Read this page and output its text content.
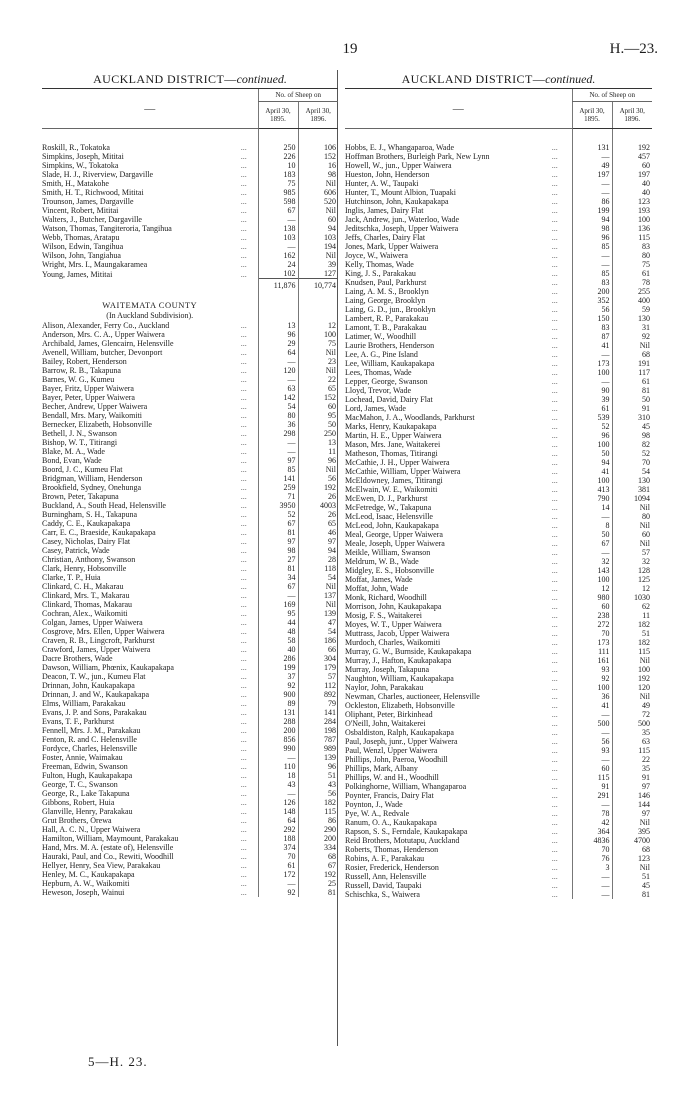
19	H.—23.
AUCKLAND DISTRICT—continued.
—		No. of Sheep on	
		April 30, 1895.	April 30, 1896.

Roskill, R., Tokatoka	...	250	106
Simpkins, Joseph, Mititai	...	226	152
Simpkins, W., Tokatoka	...	10	16
Slade, H. J., Riverview, Dargaville	...	183	98
Smith, H., Matakohe	...	75	Nil
Smith, H. T., Richwood, Mititai	...	985	606
Trounson, James, Dargaville	...	598	520
Vincent, Robert, Mititai	...	67	Nil
Walters, J., Butcher, Dargaville	...	—	60
Watson, Thomas, Tangiteroria, Tangihua	...	138	94
Webb, Thomas, Aratapu	...	103	103
Wilson, Edwin, Tangihua	...	—	194
Wilson, John, Tangiahua	...	162	Nil
Wright, Mrs. I., Maungakaramea	...	24	39
Young, James, Mititai	...	102	127
		11,876	10,774

WAITEMATA COUNTY			
(In Auckland Subdivision).			
Alison, Alexander, Ferry Co., Auckland	...	13	12
Anderson, Mrs. C. A., Upper Waiwera	...	96	100
Archibald, James, Glencairn, Helensville	...	29	75
Avenell, William, butcher, Devonport	...	64	Nil
Bailey, Robert, Henderson	...	—	23
Barrow, R. B., Takapuna	...	120	Nil
Barnes, W. G., Kumeu	...	—	22
Bayer, Fritz, Upper Waiwera	...	63	65
Bayer, Peter, Upper Waiwera	...	142	152
Becher, Andrew, Upper Waiwera	...	54	60
Bendall, Mrs. Mary, Waikomiti	...	80	95
Bernecker, Elizabeth, Hobsonville	...	36	50
Bethell, J. N., Swanson	...	298	250
Bishop, W. T., Titirangi	...	—	13
Blake, M. A., Wade	...	—	11
Bond, Evan, Wade	...	97	96
Boord, J. C., Kumeu Flat	...	85	Nil
Bridgman, William, Henderson	...	141	56
Brookfield, Sydney, Onehunga	...	259	192
Brown, Peter, Takapuna	...	71	26
Buckland, A., South Head, Helensville	...	3950	4003
Burningham, S. H., Takapuna	...	52	26
Caddy, C. E., Kaukapakapa	...	67	65
Carr, E. C., Braeside, Kaukapakapa	...	81	46
Casey, Nicholas, Dairy Flat	...	97	97
Casey, Patrick, Wade	...	98	94
Christian, Anthony, Swanson	...	27	28
Clark, Henry, Hobsonville	...	81	118
Clarke, T. P., Huia	...	34	54
Clinkard, C. H., Makarau	...	67	Nil
Clinkard, Mrs. T., Makarau	...	—	137
Clinkard, Thomas, Makarau	...	169	Nil
Cochran, Alex., Waikomiti	...	95	139
Colgan, James, Upper Waiwera	...	44	47
Cosgrove, Mrs. Ellen, Upper Waiwera	...	48	54
Craven, R. B., Lingcroft, Parkhurst	...	58	186
Crawford, James, Upper Waiwera	...	40	66
Dacre Brothers, Wade	...	286	304
Dawson, William, Phœnix, Kaukapakapa	...	199	179
Deacon, T. W., jun., Kumeu Flat	...	37	57
Drinnan, John, Kaukapakapa	...	92	112
Drinnan, J. and W., Kaukapakapa	...	900	892
Elms, William, Parakakau	...	89	79
Evans, J. P. and Sons, Parakakau	...	131	141
Evans, T. F., Parkhurst	...	288	284
Fennell, Mrs. J. M., Parakakau	...	200	198
Fenton, R. and C. Helensville	...	856	787
Fordyce, Charles, Helensville	...	990	989
Foster, Annie, Waimakau	...	—	139
Freeman, Edwin, Swanson	...	110	96
Fulton, Hugh, Kaukapakapa	...	18	51
George, T. C., Swanson	...	43	43
George, R., Lake Takapuna	...	—	56
Gibbons, Robert, Huia	...	126	182
Glanville, Henry, Parakakau	...	148	115
Grut Brothers, Orewa	...	64	86
Hall, A. C. N., Upper Waiwera	...	292	290
Hamilton, William, Maymount, Parakakau	...	188	200
Hand, Mrs. M. A. (estate of), Helensville	...	374	334
Hauraki, Paul, and Co., Rewiti, Woodhill	...	70	68
Hellyer, Henry, Sea View, Parakakau	...	61	67
Henley, M. C., Kaukapakapa	...	172	192
Hepburn, A. W., Waikomiti	...	—	25
Heweson, Joseph, Wainui	...	92	81
AUCKLAND DISTRICT—continued.
—		No. of Sheep on	
		April 30, 1895.	April 30, 1896.

Hobbs, E. J., Whangaparoa, Wade	...	131	192
Hoffman Brothers, Burleigh Park, New Lynn	...	—	457
Howell, W., jun., Upper Waiwera	...	49	60
Hueston, John, Henderson	...	197	197
Hunter, A. W., Taupaki	...	—	40
Hunter, T., Mount Albion, Tuapaki	...	—	40
Hutchinson, John, Kaukapakapa	...	86	123
Inglis, James, Dairy Flat	...	199	193
Jack, Andrew, jun., Waterloo, Wade	...	94	100
Jeditschka, Joseph, Upper Waiwera	...	98	136
Jeffs, Charles, Dairy Flat	...	96	115
Jones, Mark, Upper Waiwera	...	85	83
Joyce, W., Waiwera	...	—	80
Kelly, Thomas, Wade	...	—	75
King, J. S., Parakakau	...	85	61
Knudsen, Paul, Parkhurst	...	83	78
Laing, A. M. S., Brooklyn	...	200	255
Laing, George, Brooklyn	...	352	400
Laing, G. D., jun., Brooklyn	...	56	59
Lambert, R. P., Parakakau	...	150	130
Lamont, T. B., Parakakau	...	83	31
Latimer, W., Woodhill	...	87	92
Laurie Brothers, Henderson	...	41	Nil
Lee, A. G., Pine Island	...	—	68
Lee, William, Kaukapakapa	...	173	191
Lees, Thomas, Wade	...	100	117
Lepper, George, Swanson	...	—	61
Lloyd, Trevor, Wade	...	90	81
Lochead, David, Dairy Flat	...	39	50
Lord, James, Wade	...	61	91
MacMahon, J. A., Woodlands, Parkhurst	...	539	310
Marks, Henry, Kaukapakapa	...	52	45
Martin, H. E., Upper Waiwera	...	96	98
Mason, Mrs. Jane, Waitakerei	...	100	82
Matheson, Thomas, Titirangi	...	50	52
McCathie, J. H., Upper Waiwera	...	94	70
McCathie, William, Upper Waiwera	...	41	54
McEldowney, James, Titirangi	...	100	130
McElwain, W. E., Waikomiti	...	413	381
McEwen, D. J., Parkhurst	...	790	1094
McFetredge, W., Takapuna	...	14	Nil
McLeod, Isaac, Helensville	...	—	80
McLeod, John, Kaukapakapa	...	8	Nil
Meal, George, Upper Waiwera	...	50	60
Meale, Joseph, Upper Waiwera	...	67	Nil
Meikle, William, Swanson	...	—	57
Meldrum, W. B., Wade	...	32	32
Midgley, E. S., Hobsonville	...	143	128
Moffat, James, Wade	...	100	125
Moffat, John, Wade	...	12	12
Monk, Richard, Woodhill	...	980	1030
Morrison, John, Kaukapakapa	...	60	62
Mosig, F. S., Waitakerei	...	238	11
Moyes, W. T., Upper Waiwera	...	272	182
Muttrass, Jacob, Upper Waiwera	...	70	51
Murdoch, Charles, Waikomiti	...	173	182
Murray, G. W., Burnside, Kaukapakapa	...	111	115
Murray, J., Hafton, Kaukapakapa	...	161	Nil
Murray, Joseph, Takapuna	...	93	100
Naughton, William, Kaukapakapa	...	92	192
Naylor, John, Parakakau	...	100	120
Newman, Charles, auctioneer, Helensville	...	36	Nil
Ockleston, Elizabeth, Hobsonville	...	41	49
Oliphant, Peter, Birkinhead	...	—	72
O'Neill, John, Waitakerei	...	500	500
Osbaldiston, Ralph, Kaukapakapa	...	—	35
Paul, Joseph, junr., Upper Waiwera	...	56	63
Paul, Wenzl, Upper Waiwera	...	93	115
Phillips, John, Paeroa, Woodhill	...	—	22
Phillips, Mark, Albany	...	60	35
Phillips, W. and H., Woodhill	...	115	91
Polkinghorne, William, Whangaparoa	...	91	97
Poynter, Francis, Dairy Flat	...	291	146
Poynton, J., Wade	...	—	144
Pye, W. A., Redvale	...	78	97
Ranum, O. A., Kaukapakapa	...	42	Nil
Rapson, S. S., Ferndale, Kaukapakapa	...	364	395
Reid Brothers, Motutapu, Auckland	...	4836	4700
Roberts, Thomas, Henderson	...	70	68
Robins, A. F., Parakakau	...	76	123
Rosier, Frederick, Henderson	...	3	Nil
Russell, Ann, Helensville	...	—	51
Russell, David, Taupaki	...	—	45
Schischka, S., Waiwera	...	—	81
5—H. 23.
